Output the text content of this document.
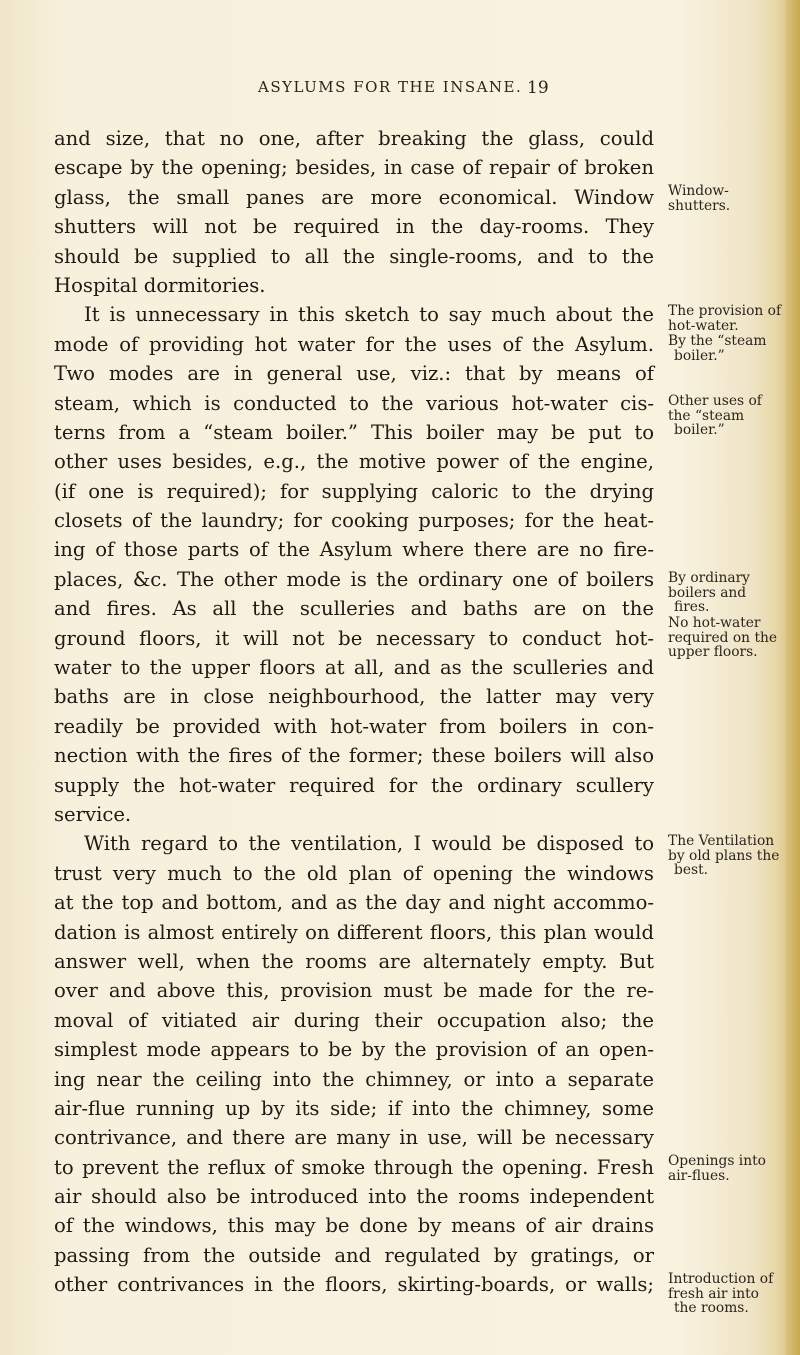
ASYLUMS FOR THE INSANE. 19
and size, that no one, after breaking the glass, could
escape by the opening; besides, in case of repair of broken
glass, the small panes are more economical. Window
shutters will not be required in the day-rooms. They
should be supplied to all the single-rooms, and to the
Hospital dormitories.
It is unnecessary in this sketch to say much about the
mode of providing hot water for the uses of the Asylum.
Two modes are in general use, viz.: that by means of
steam, which is conducted to the various hot-water cis-
terns from a “steam boiler.” This boiler may be put to
other uses besides, e.g., the motive power of the engine,
(if one is required); for supplying caloric to the drying
closets of the laundry; for cooking purposes; for the heat-
ing of those parts of the Asylum where there are no fire-
places, &c. The other mode is the ordinary one of boilers
and fires. As all the sculleries and baths are on the
ground floors, it will not be necessary to conduct hot-
water to the upper floors at all, and as the sculleries and
baths are in close neighbourhood, the latter may very
readily be provided with hot-water from boilers in con-
nection with the fires of the former; these boilers will also
supply the hot-water required for the ordinary scullery
service.
With regard to the ventilation, I would be disposed to
trust very much to the old plan of opening the windows
at the top and bottom, and as the day and night accommo-
dation is almost entirely on different floors, this plan would
answer well, when the rooms are alternately empty. But
over and above this, provision must be made for the re-
moval of vitiated air during their occupation also; the
simplest mode appears to be by the provision of an open-
ing near the ceiling into the chimney, or into a separate
air-flue running up by its side; if into the chimney, some
contrivance, and there are many in use, will be necessary
to prevent the reflux of smoke through the opening. Fresh
air should also be introduced into the rooms independent
of the windows, this may be done by means of air drains
passing from the outside and regulated by gratings, or
other contrivances in the floors, skirting-boards, or walls;
Window-
shutters.
The provision of
hot-water.
By the “steam
boiler.”
Other uses of
the “steam
boiler.”
By ordinary
boilers and
fires.
No hot-water
required on the
upper floors.
The Ventilation
by old plans the
best.
Openings into
air-flues.
Introduction of
fresh air into
the rooms.
